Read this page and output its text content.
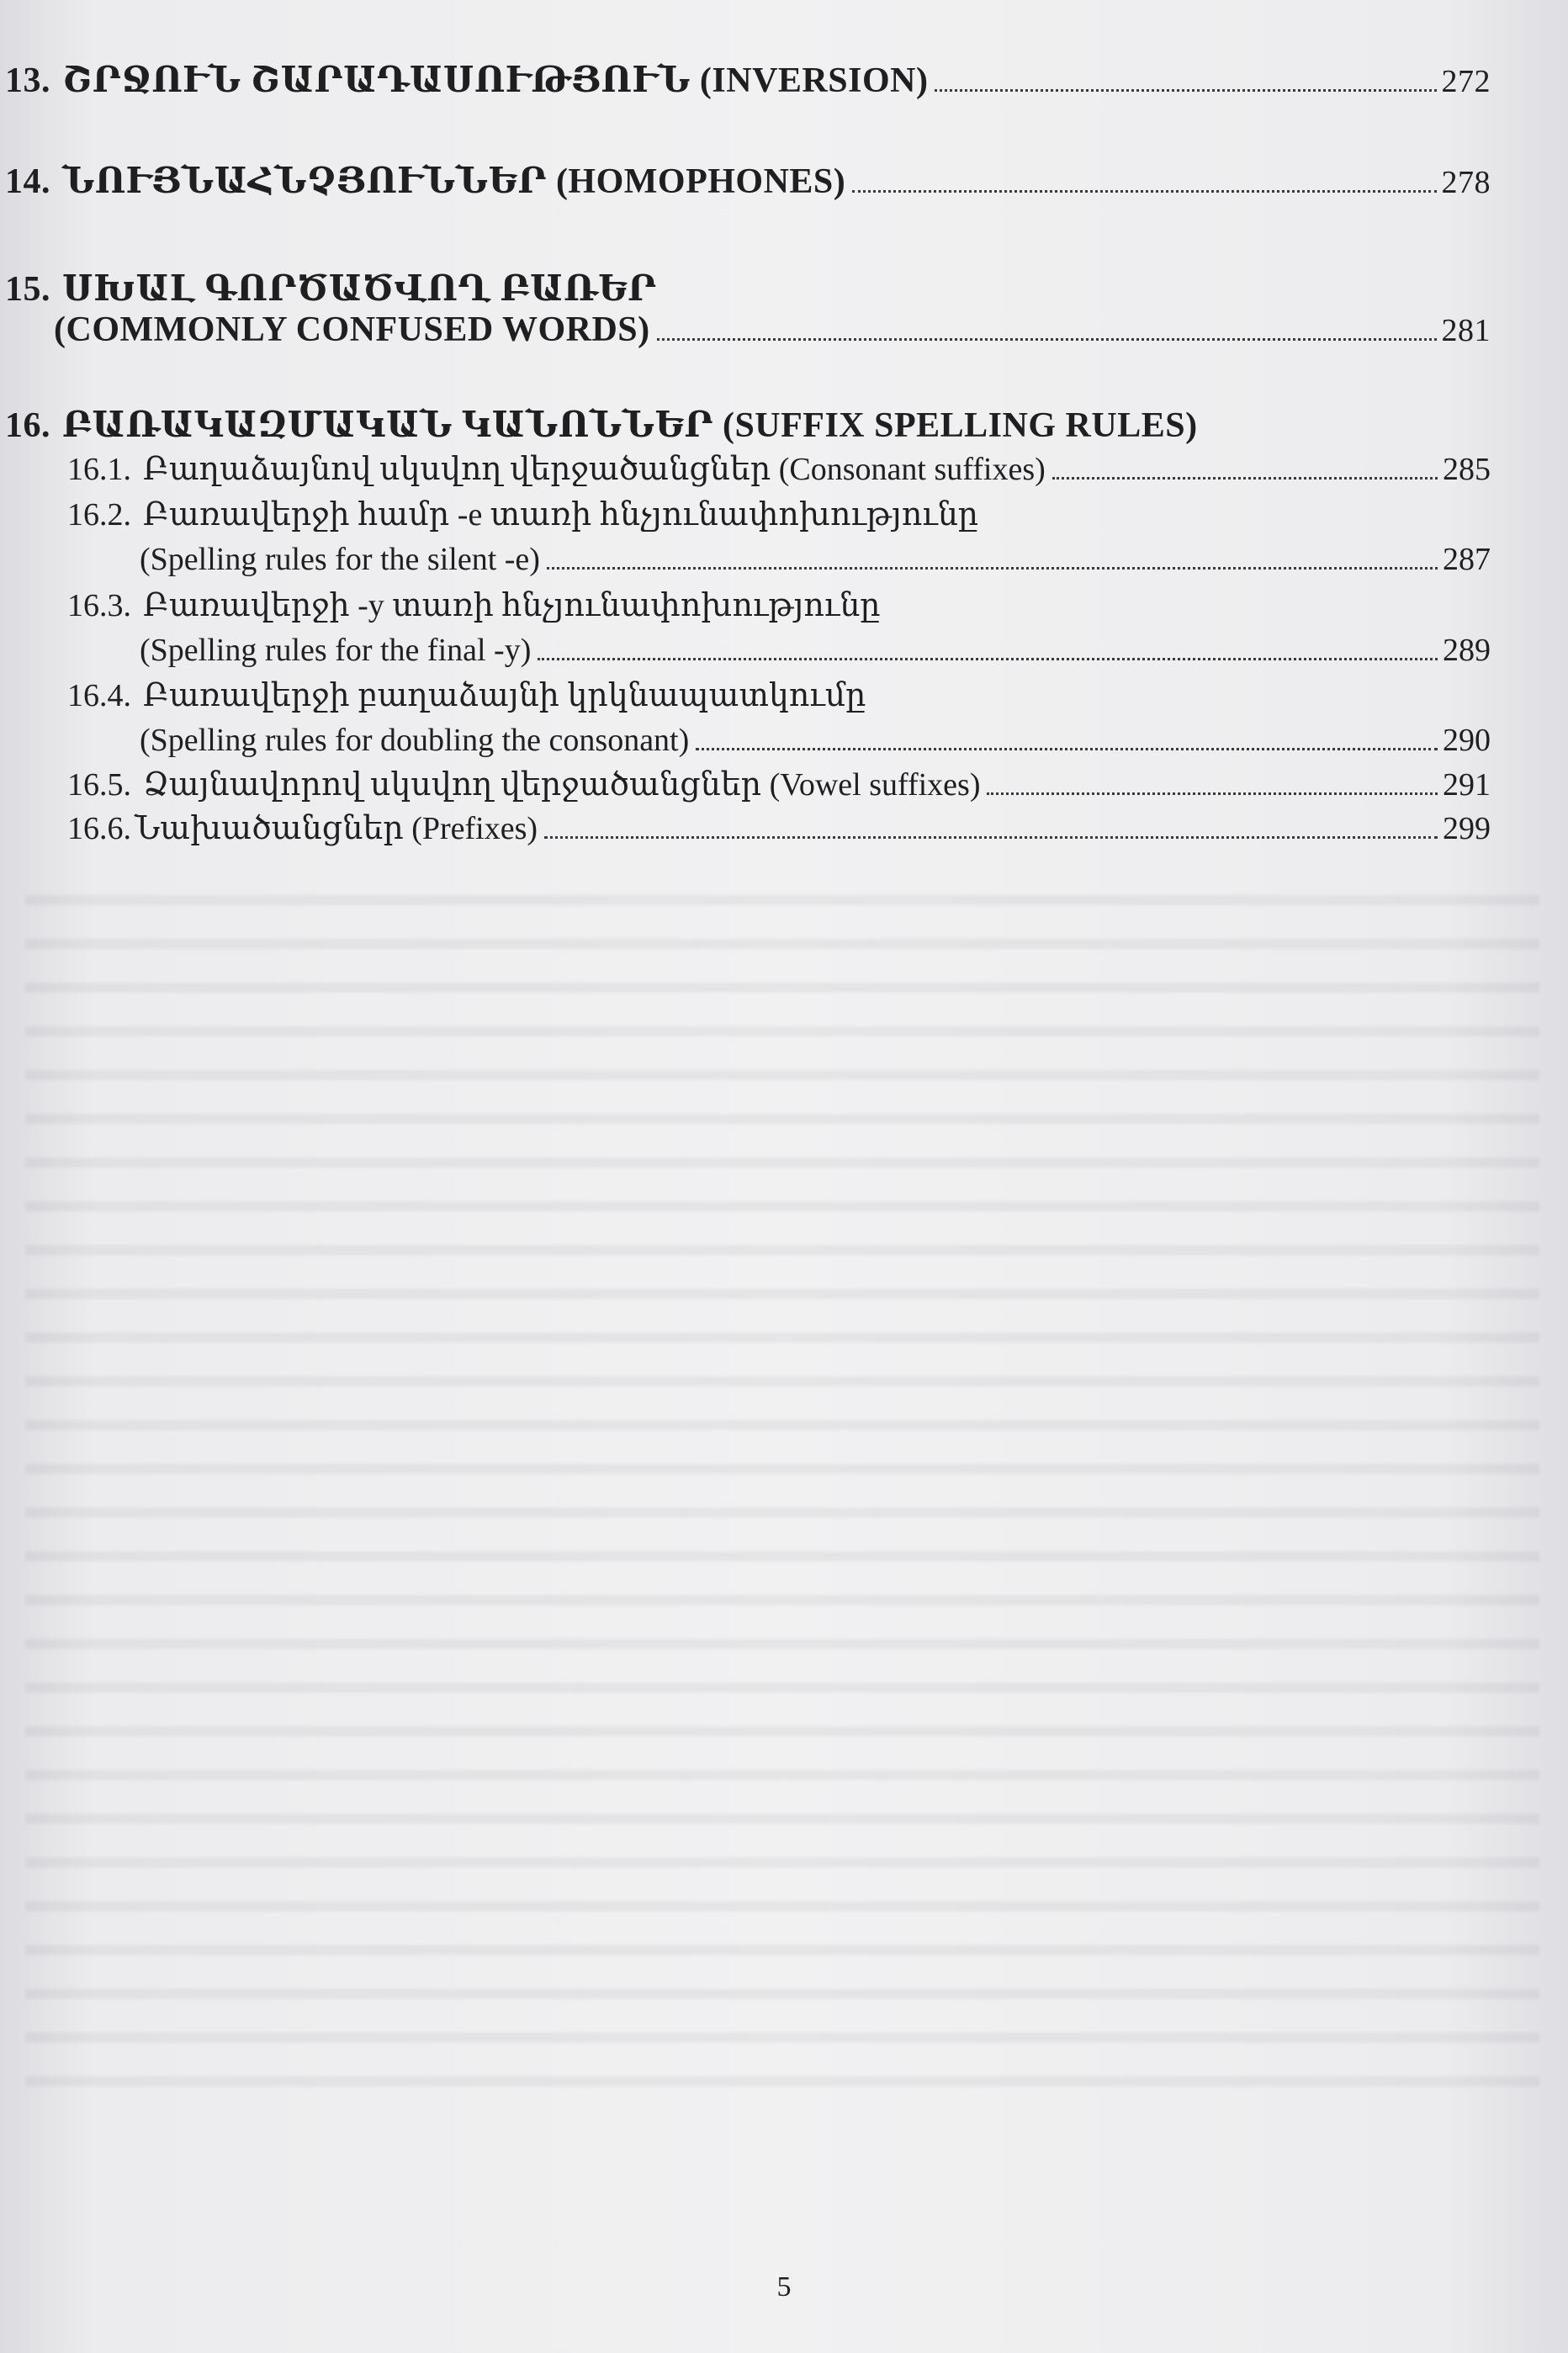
13. ՇՐՋՈՒՆ ՇԱՐԱԴԱՍՈՒԹՅՈՒՆ (INVERSION)	272
14. ՆՈՒՅՆԱՀՆՉՅՈՒՆՆԵՐ (HOMOPHONES)	278
15. ՍԽԱԼ ԳՈՐԾԱԾՎՈՂ ԲԱՌԵՐ
(COMMONLY CONFUSED WORDS)	281
16. ԲԱՌԱԿԱԶՄԱԿԱՆ ԿԱՆՈՆՆԵՐ (SUFFIX SPELLING RULES)
16.1. Բաղաձայնով սկսվող վերջածանցներ (Consonant suffixes)	285
16.2. Բառավերջի համր -e տառի հնչյունափոխությունը
(Spelling rules for the silent -e)	287
16.3. Բառավերջի -y տառի հնչյունափոխությունը
(Spelling rules for the final -y)	289
16.4. Բառավերջի բաղաձայնի կրկնապատկումը
(Spelling rules for doubling the consonant)	290
16.5. Ձայնավորով սկսվող վերջածանցներ (Vowel suffixes)	291
16.6. Նախածանցներ (Prefixes)	299
5
